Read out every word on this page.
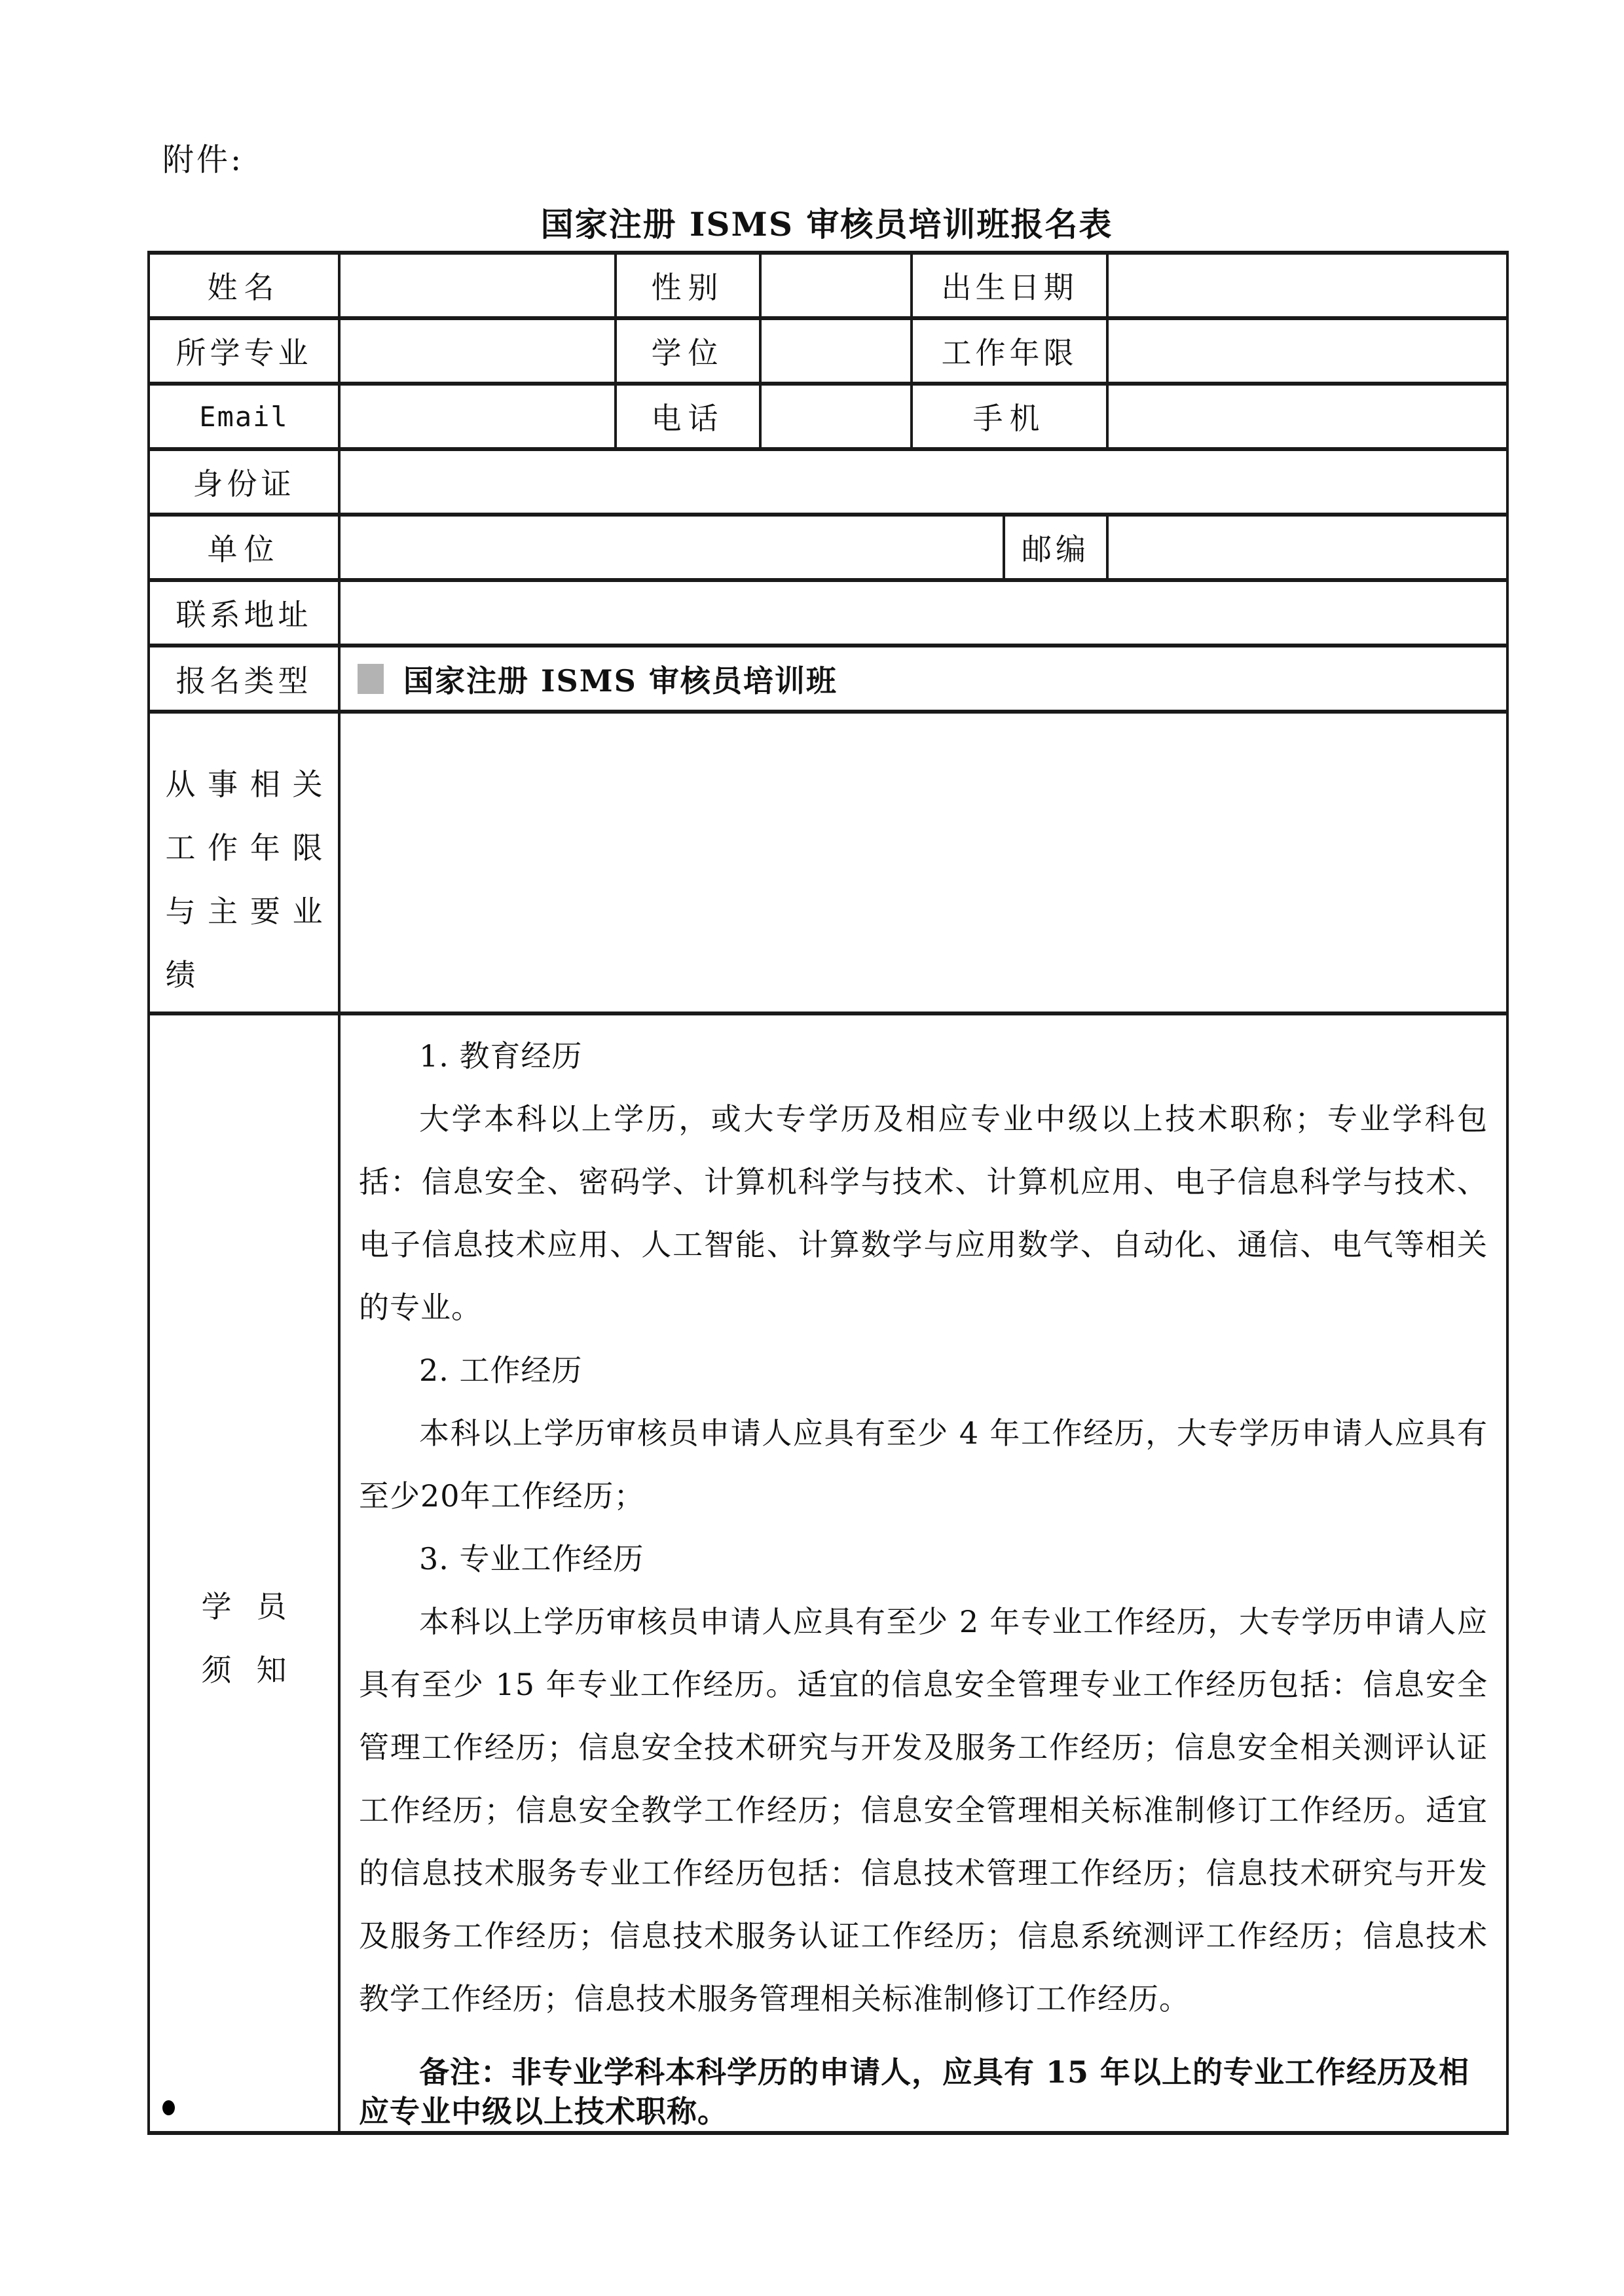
附件:
国家注册 ISMS 审核员培训班报名表
姓名		性别		出生日期		
所学专业		学位		工作年限		
Email		电话		手机		
身份证						
单位					邮编	
联系地址						
报名类型	国家注册 ISMS 审核员培训班					

从 事 相 关
工 作 年 限
与 主 要 业
绩

学 员
须 知

1. 教育经历

大学本科以上学历，或大专学历及相应专业中级以上技术职称；专业学科包括：信息安全、密码学、计算机科学与技术、计算机应用、电子信息科学与技术、电子信息技术应用、人工智能、计算数学与应用数学、自动化、通信、电气等相关的专业。

2. 工作经历

本科以上学历审核员申请人应具有至少 4 年工作经历，大专学历申请人应具有至少20年工作经历；

3. 专业工作经历

本科以上学历审核员申请人应具有至少 2 年专业工作经历，大专学历申请人应具有至少 15 年专业工作经历。适宜的信息安全管理专业工作经历包括：信息安全管理工作经历；信息安全技术研究与开发及服务工作经历；信息安全相关测评认证工作经历；信息安全教学工作经历；信息安全管理相关标准制修订工作经历。适宜的信息技术服务专业工作经历包括：信息技术管理工作经历；信息技术研究与开发及服务工作经历；信息技术服务认证工作经历；信息系统测评工作经历；信息技术教学工作经历；信息技术服务管理相关标准制修订工作经历。

备注：非专业学科本科学历的申请人，应具有 15 年以上的专业工作经历及相应专业中级以上技术职称。
